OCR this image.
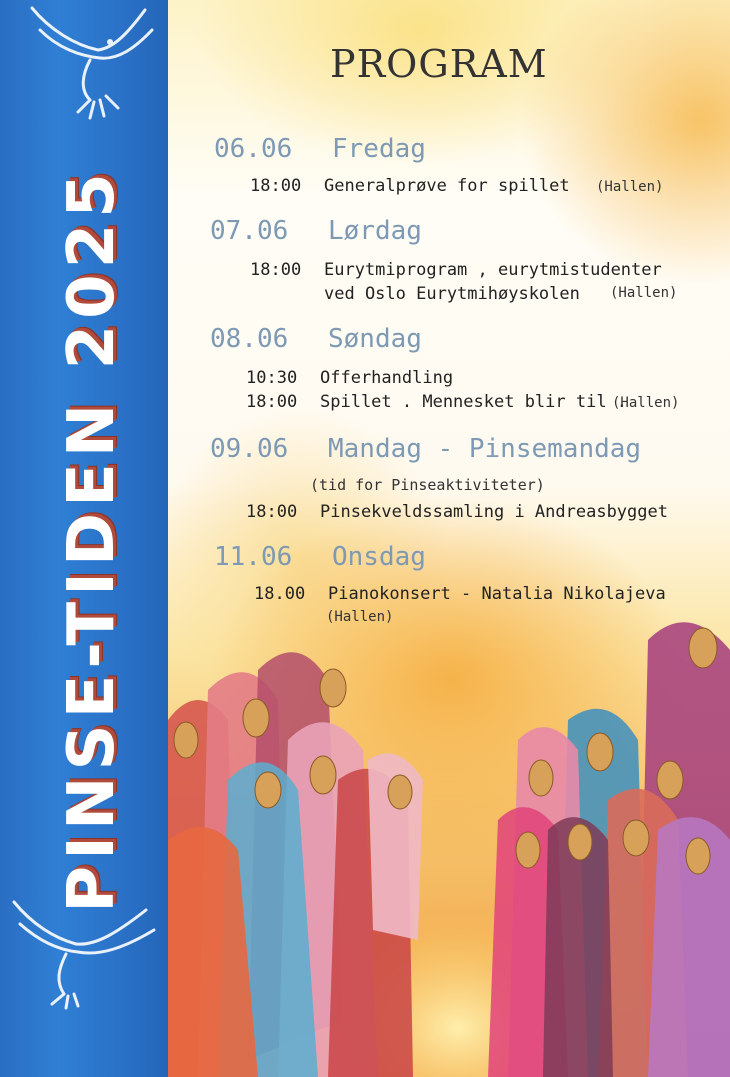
PINSE-TIDEN 2025
PROGRAM
06.06 Fredag
18:00 Generalprøve for spillet (Hallen)
07.06 Lørdag
18:00 Eurytmiprogram , eurytmistudenter
ved Oslo Eurytmihøyskolen (Hallen)
08.06 Søndag
10:30 Offerhandling
18:00 Spillet . Mennesket blir til .
(Hallen)
09.06 Mandag - Pinsemandag
(tid for Pinseaktiviteter)
18:00 Pinsekveldssamling i Andreasbygget
11.06 Onsdag
18.00 Pianokonsert - Natalia Nikolajeva
(Hallen)
